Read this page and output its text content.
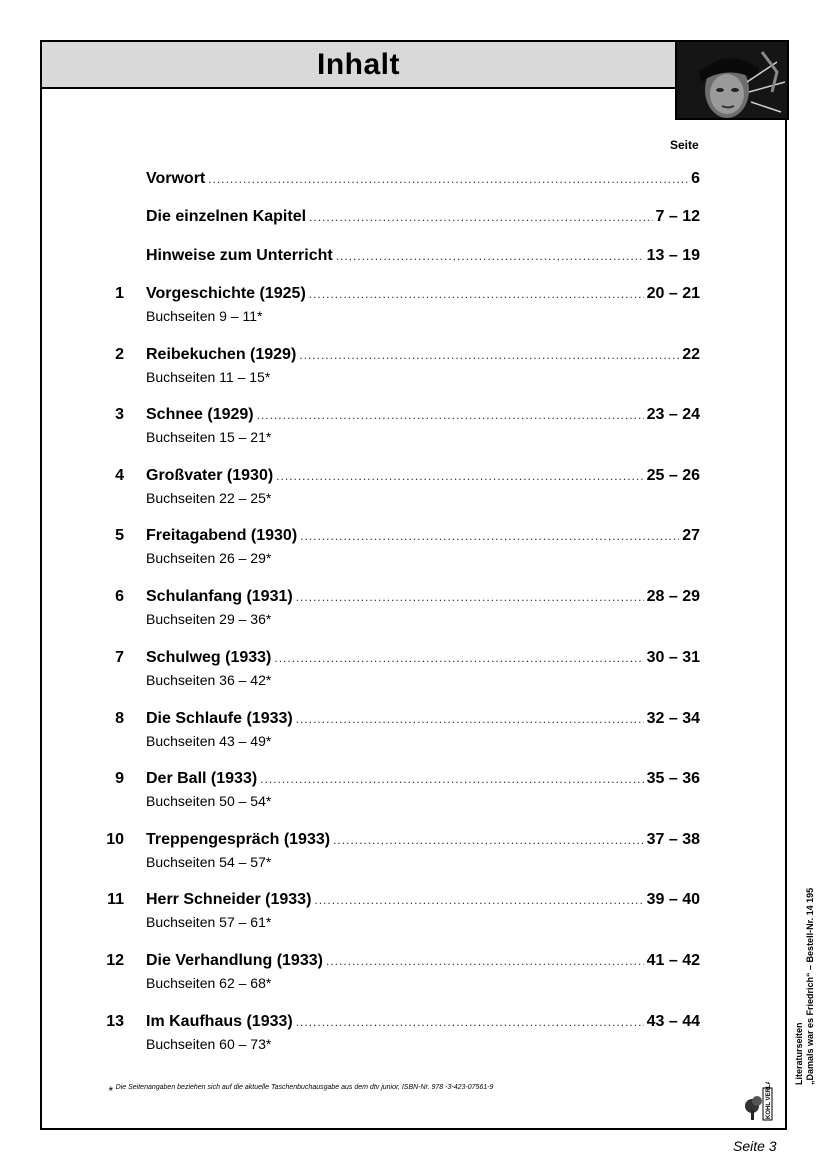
Inhalt
Seite
Vorwort .....	6
Die einzelnen Kapitel .....	7 – 12
Hinweise zum Unterricht .....	13 – 19
1 Vorgeschichte (1925) .....	20 – 21
Buchseiten 9 – 11*
2 Reibekuchen (1929) .....	22
Buchseiten 11 – 15*
3 Schnee (1929) .....	23 – 24
Buchseiten 15 – 21*
4 Großvater (1930) .....	25 – 26
Buchseiten 22 – 25*
5 Freitagabend (1930) .....	27
Buchseiten 26 – 29*
6 Schulanfang (1931) .....	28 – 29
Buchseiten 29 – 36*
7 Schulweg (1933) .....	30 – 31
Buchseiten 36 – 42*
8 Die Schlaufe (1933) .....	32 – 34
Buchseiten 43 – 49*
9 Der Ball (1933) .....	35 – 36
Buchseiten 50 – 54*
10 Treppengespräch (1933) .....	37 – 38
Buchseiten 54 – 57*
11 Herr Schneider (1933) .....	39 – 40
Buchseiten 57 – 61*
12 Die Verhandlung (1933) .....	41 – 42
Buchseiten 62 – 68*
13 Im Kaufhaus (1933) .....	43 – 44
Buchseiten 60 – 73*
* Die Seitenangaben beziehen sich auf die aktuelle Taschenbuchausgabe aus dem dtv junior, ISBN-Nr. 978 -3-423-07561-9
Literaturseiten „Damals war es Friedrich“ – Bestell-Nr. 14 195
KOHL VERLAG
Seite 3
